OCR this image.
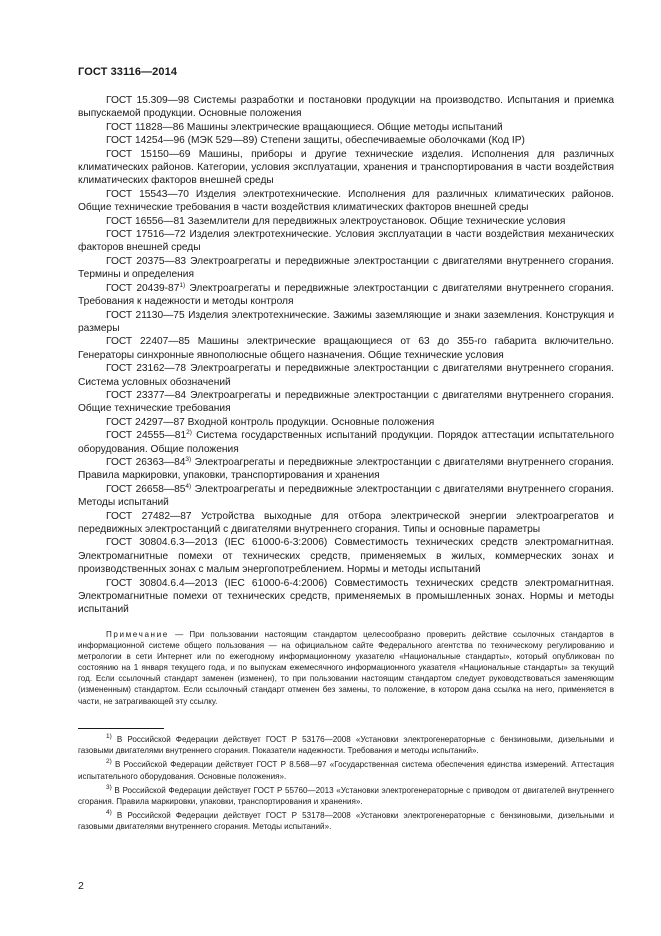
ГОСТ 33116—2014

ГОСТ 15.309—98 Системы разработки и постановки продукции на производство. Испытания и приемка выпускаемой продукции. Основные положения

ГОСТ 11828—86 Машины электрические вращающиеся. Общие методы испытаний

ГОСТ 14254—96 (МЭК 529—89) Степени защиты, обеспечиваемые оболочками (Код IP)

ГОСТ 15150—69 Машины, приборы и другие технические изделия. Исполнения для различных климатических районов. Категории, условия эксплуатации, хранения и транспортирования в части воздействия климатических факторов внешней среды

ГОСТ 15543—70 Изделия электротехнические. Исполнения для различных климатических районов. Общие технические требования в части воздействия климатических факторов внешней среды

ГОСТ 16556—81 Заземлители для передвижных электроустановок. Общие технические условия

ГОСТ 17516—72 Изделия электротехнические. Условия эксплуатации в части воздействия механических факторов внешней среды

ГОСТ 20375—83 Электроагрегаты и передвижные электростанции с двигателями внутреннего сгорания. Термины и определения

ГОСТ 20439-87$^{1)}$ Электроагрегаты и передвижные электростанции с двигателями внутреннего сгорания. Требования к надежности и методы контроля

ГОСТ 21130—75 Изделия электротехнические. Зажимы заземляющие и знаки заземления. Конструкция и размеры

ГОСТ 22407—85 Машины электрические вращающиеся от 63 до 355-го габарита включительно. Генераторы синхронные явнополюсные общего назначения. Общие технические условия

ГОСТ 23162—78 Электроагрегаты и передвижные электростанции с двигателями внутреннего сгорания. Система условных обозначений

ГОСТ 23377—84 Электроагрегаты и передвижные электростанции с двигателями внутреннего сгорания. Общие технические требования

ГОСТ 24297—87 Входной контроль продукции. Основные положения

ГОСТ 24555—81$^{2)}$ Система государственных испытаний продукции. Порядок аттестации испытательного оборудования. Общие положения

ГОСТ 26363—84$^{3)}$ Электроагрегаты и передвижные электростанции с двигателями внутреннего сгорания. Правила маркировки, упаковки, транспортирования и хранения

ГОСТ 26658—85$^{4)}$ Электроагрегаты и передвижные электростанции с двигателями внутреннего сгорания. Методы испытаний

ГОСТ 27482—87 Устройства выходные для отбора электрической энергии электроагрегатов и передвижных электростанций с двигателями внутреннего сгорания. Типы и основные параметры

ГОСТ 30804.6.3—2013 (IEC 61000-6-3:2006) Совместимость технических средств электромагнитная. Электромагнитные помехи от технических средств, применяемых в жилых, коммерческих зонах и производственных зонах с малым энергопотреблением. Нормы и методы испытаний

ГОСТ 30804.6.4—2013 (IEC 61000-6-4:2006) Совместимость технических средств электромагнитная. Электромагнитные помехи от технических средств, применяемых в промышленных зонах. Нормы и методы испытаний

Примечание — При пользовании настоящим стандартом целесообразно проверить действие ссылочных стандартов в информационной системе общего пользования — на официальном сайте Федерального агентства по техническому регулированию и метрологии в сети Интернет или по ежегодному информационному указателю «Национальные стандарты», который опубликован по состоянию на 1 января текущего года, и по выпускам ежемесячного информационного указателя «Национальные стандарты» за текущий год. Если ссылочный стандарт заменен (изменен), то при пользовании настоящим стандартом следует руководствоваться заменяющим (измененным) стандартом. Если ссылочный стандарт отменен без замены, то положение, в котором дана ссылка на него, применяется в части, не затрагивающей эту ссылку.

$^{1)}$ В Российской Федерации действует ГОСТ Р 53176—2008 «Установки электрогенераторные с бензиновыми, дизельными и газовыми двигателями внутреннего сгорания. Показатели надежности. Требования и методы испытаний».

$^{2)}$ В Российской Федерации действует ГОСТ Р 8.568—97 «Государственная система обеспечения единства измерений. Аттестация испытательного оборудования. Основные положения».

$^{3)}$ В Российской Федерации действует ГОСТ Р 55760—2013 «Установки электрогенераторные с приводом от двигателей внутреннего сгорания. Правила маркировки, упаковки, транспортирования и хранения».

$^{4)}$ В Российской Федерации действует ГОСТ Р 53178—2008 «Установки электрогенераторные с бензиновыми, дизельными и газовыми двигателями внутреннего сгорания. Методы испытаний».

2
